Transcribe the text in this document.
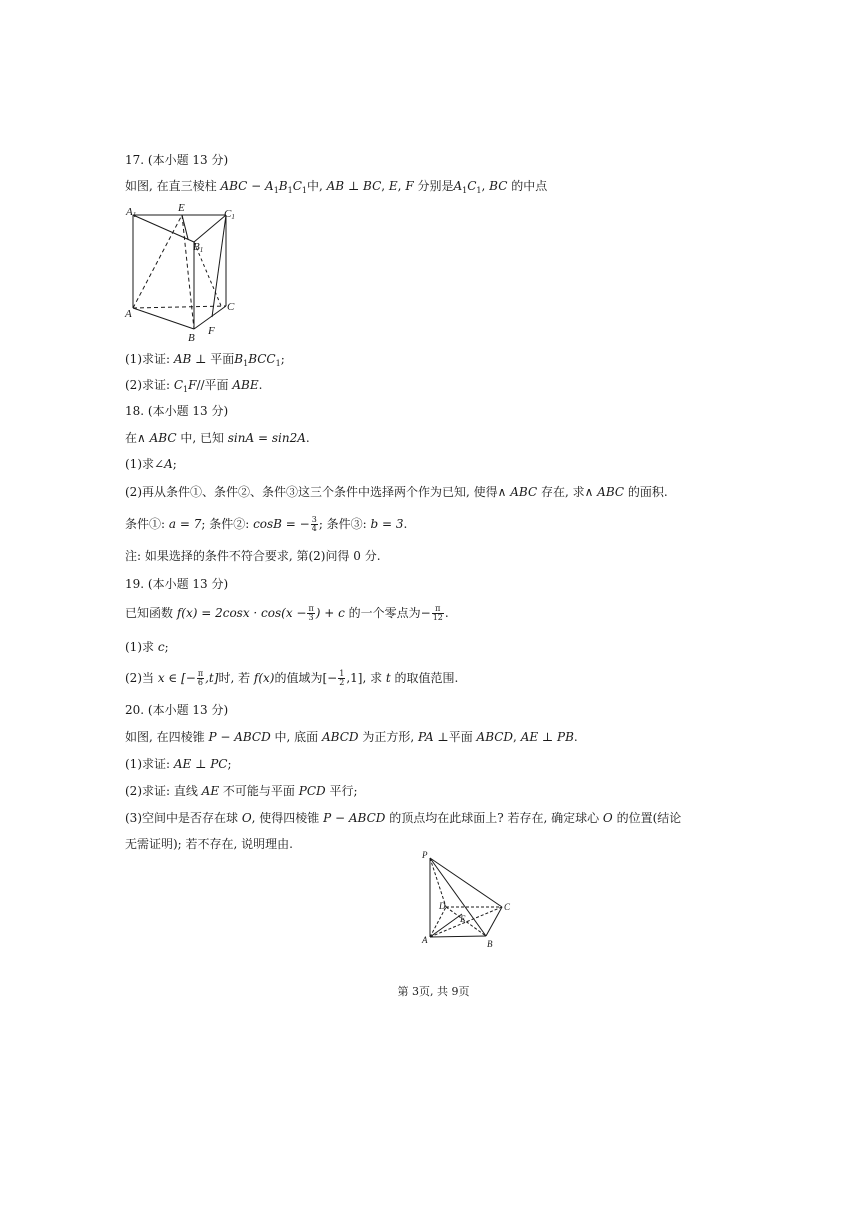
17. (本小题 13 分)
如图, 在直三棱柱 ABC − $A_1B_1C_1$中, AB ⊥ BC, E, F 分别是$A_1C_1$, BC 的中点
A1
E	C1
B1
C
A
B
F
(1)求证: AB ⊥ 平面$B_1BCC_1$;
(2)求证: $C_1F//$平面 ABE.
18. (本小题 13 分)
在∧ ABC 中, 已知 sinA = sin2A.
(1)求∠A;
(2)再从条件①、条件②、条件③这三个条件中选择两个作为已知, 使得∧ ABC 存在, 求∧ ABC 的面积.
条件①: a = 7; 条件②: cosB = − $\frac{3}{4}$ ; 条件③: b = 3.
注: 如果选择的条件不符合要求, 第(2)问得 0 分.
19. (本小题 13 分)
已知函数 $f(x) = 2\cos x \cdot \cos(x - \frac{\pi}{3}$ ) + c 的一个零点为− $\frac{\pi}{12}$ .
(1)求 c;
(2)当 x ∈ [− $\frac{\pi}{6} ,t$]时, 若 f(x)的值域为[− $\frac{1}{2} ,1$], 求 t 的取值范围.
20. (本小题 13 分)
如图, 在四棱锥 P − ABCD 中, 底面 ABCD 为正方形, PA ⊥平面 ABCD, AE ⊥ PB.
(1)求证: AE ⊥ PC;
(2)求证: 直线 AE 不可能与平面 PCD 平行;
(3)空间中是否存在球 O, 使得四棱锥 P − ABCD 的顶点均在此球面上? 若存在, 确定球心 O 的位置(结论
无需证明); 若不存在, 说明理由.
P
D
E
C
A	B
第 3页, 共 9页
